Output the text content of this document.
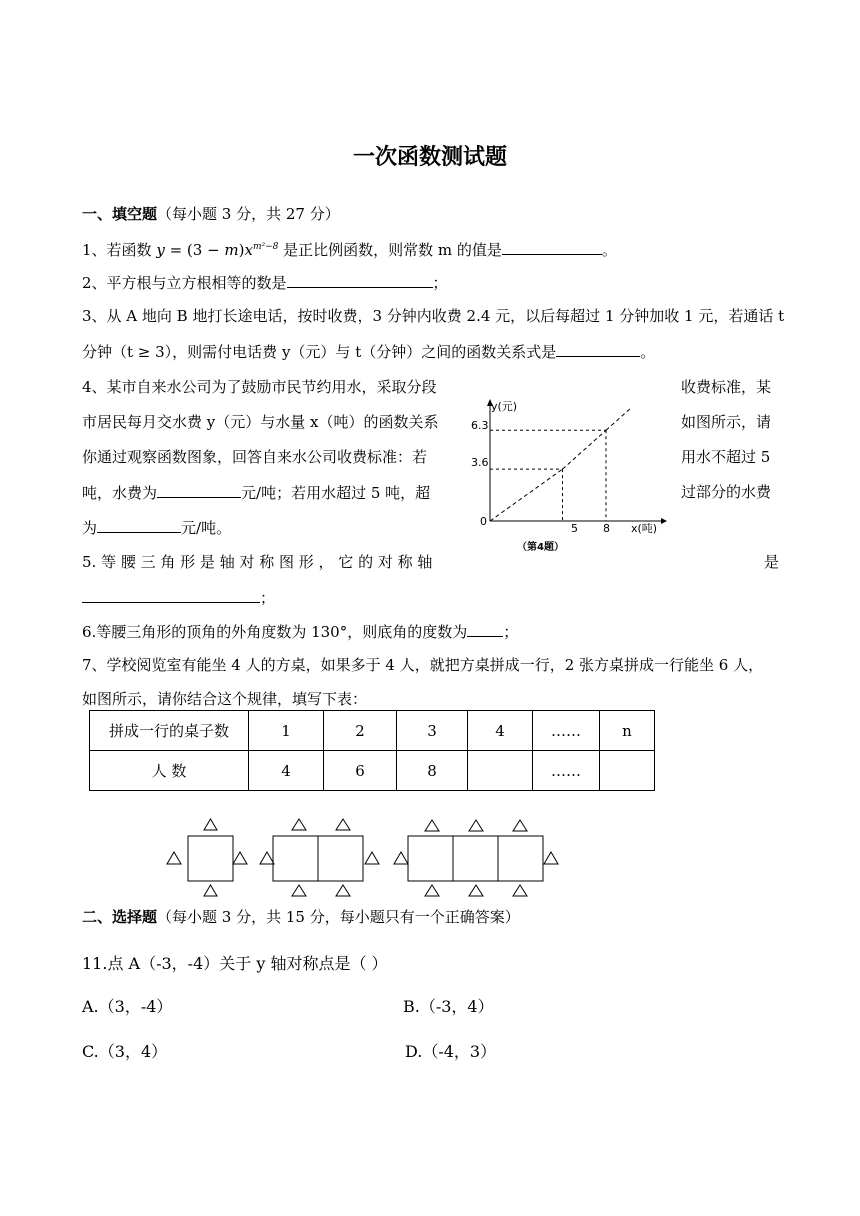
一次函数测试题
一、填空题（每小题 3 分，共 27 分）
1、若函数 $y = (3 - m)x^{m^2-8}$ 是正比例函数，则常数 m 的值是	。
2、平方根与立方根相等的数是	；
3、从 A 地向 B 地打长途电话，按时收费，3 分钟内收费 2.4 元，以后每超过 1 分钟加收 1 元，若通话 t
分钟（t ≥ 3），则需付电话费 y（元）与 t（分钟）之间的函数关系式是	。
4、某市自来水公司为了鼓励市民节约用水，采取分段	收费标准，某
市居民每月交水费 y（元）与水量 x（吨）的函数关系	如图所示，请
你通过观察函数图象，回答自来水公司收费标准：若	用水不超过 5
吨，水费为	元/吨；若用水超过 5 吨，超	过部分的水费
为	元/吨。
y(元)
x(吨)
0
6.3
3.6
5 8
（第4题）
5. 等 腰 三 角 形 是 轴 对 称 图 形 ， 它 的 对 称 轴	是
；
6.等腰三角形的顶角的外角度数为 130°，则底角的度数为 ；
7、学校阅览室有能坐 4 人的方桌，如果多于 4 人，就把方桌拼成一行，2 张方桌拼成一行能坐 6 人，
如图所示，请你结合这个规律，填写下表：
拼成一行的桌子数	1	2	3	4	……	n
人 数	4	6	8		……	
二、选择题（每小题 3 分，共 15 分，每小题只有一个正确答案）
11.点 A（-3，-4）关于 y 轴对称点是（ ）
A.（3，-4）	B.（-3，4）
C.（3，4）	D.（-4，3）
